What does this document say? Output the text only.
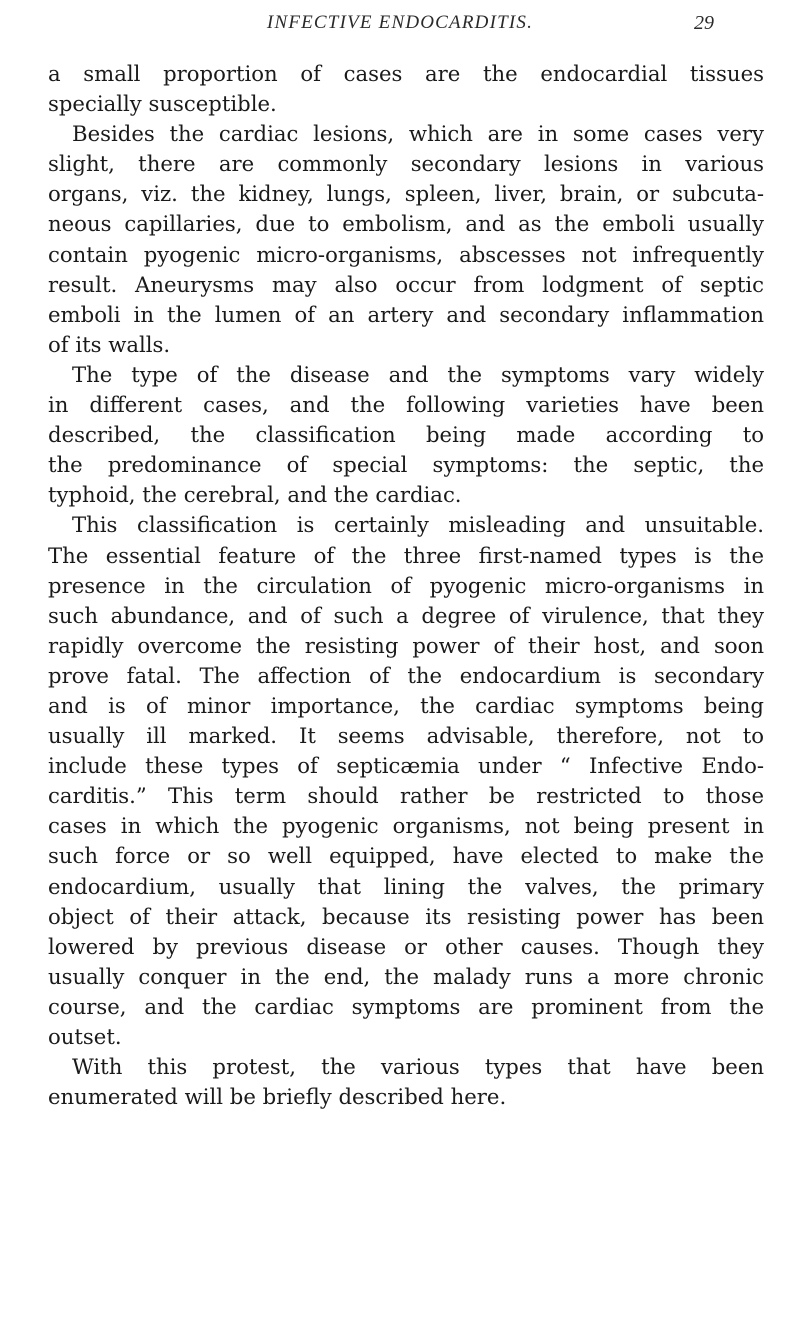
INFECTIVE ENDOCARDITIS.	29
a small proportion of cases are the endocardial tissues
specially susceptible.
Besides the cardiac lesions, which are in some cases very
slight, there are commonly secondary lesions in various
organs, viz. the kidney, lungs, spleen, liver, brain, or subcuta-
neous capillaries, due to embolism, and as the emboli usually
contain pyogenic micro-organisms, abscesses not infrequently
result. Aneurysms may also occur from lodgment of septic
emboli in the lumen of an artery and secondary inflammation
of its walls.
The type of the disease and the symptoms vary widely
in different cases, and the following varieties have been
described, the classification being made according to
the predominance of special symptoms: the septic, the
typhoid, the cerebral, and the cardiac.
This classification is certainly misleading and unsuitable.
The essential feature of the three first-named types is the
presence in the circulation of pyogenic micro-organisms in
such abundance, and of such a degree of virulence, that they
rapidly overcome the resisting power of their host, and soon
prove fatal. The affection of the endocardium is secondary
and is of minor importance, the cardiac symptoms being
usually ill marked. It seems advisable, therefore, not to
include these types of septicæmia under “ Infective Endo-
carditis.” This term should rather be restricted to those
cases in which the pyogenic organisms, not being present in
such force or so well equipped, have elected to make the
endocardium, usually that lining the valves, the primary
object of their attack, because its resisting power has been
lowered by previous disease or other causes. Though they
usually conquer in the end, the malady runs a more chronic
course, and the cardiac symptoms are prominent from the
outset.
With this protest, the various types that have been
enumerated will be briefly described here.
